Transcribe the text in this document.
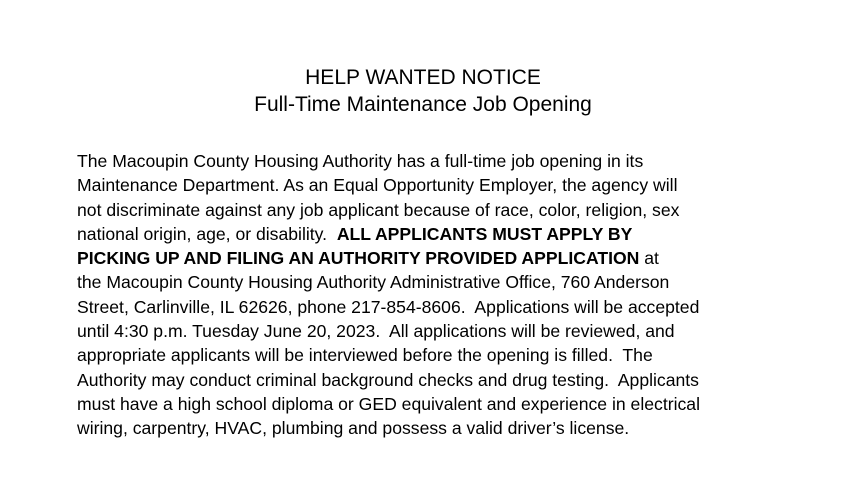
HELP WANTED NOTICE
Full-Time Maintenance Job Opening
The Macoupin County Housing Authority has a full-time job opening in its
Maintenance Department. As an Equal Opportunity Employer, the agency will
not discriminate against any job applicant because of race, color, religion, sex
national origin, age, or disability.  ALL APPLICANTS MUST APPLY BY
PICKING UP AND FILING AN AUTHORITY PROVIDED APPLICATION at
the Macoupin County Housing Authority Administrative Office, 760 Anderson
Street, Carlinville, IL 62626, phone 217-854-8606.  Applications will be accepted
until 4:30 p.m. Tuesday June 20, 2023.  All applications will be reviewed, and
appropriate applicants will be interviewed before the opening is filled.  The
Authority may conduct criminal background checks and drug testing.  Applicants
must have a high school diploma or GED equivalent and experience in electrical
wiring, carpentry, HVAC, plumbing and possess a valid driver’s license.
